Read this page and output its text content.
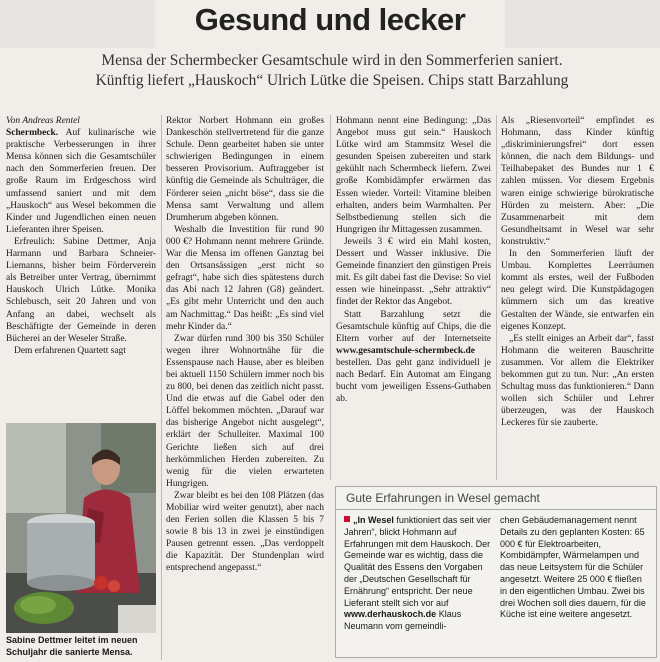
Gesund und lecker
Mensa der Schermbecker Gesamtschule wird in den Sommerferien saniert.
Künftig liefert „Hauskoch“ Ulrich Lütke die Speisen. Chips statt Barzahlung

Von Andreas Rentel

Schermbeck. Auf kulinarische wie praktische Verbesserungen in ihrer Mensa können sich die Gesamtschüler nach den Sommerferien freuen. Der große Raum im Erdgeschoss wird umfassend saniert und mit dem „Hauskoch“ aus Wesel bekommen die Kinder und Jugendlichen einen neuen Lieferanten ihrer Speisen.

Erfreulich: Sabine Dettmer, Anja Harmann und Barbara Schneier-Liemanns, bisher beim Förderverein als Betreiber unter Vertrag, übernimmt Hauskoch Ulrich Lütke. Monika Schlebusch, seit 20 Jahren und von Anfang an dabei, wechselt als Beschäftigte der Gemeinde in deren Bücherei an der Weseler Straße.

Dem erfahrenen Quartett sagt

Sabine Dettmer leitet im neuen Schuljahr die sanierte Mensa.

Rektor Norbert Hohmann ein großes Dankeschön stellvertretend für die ganze Schule. Denn gearbeitet haben sie unter schwierigen Bedingungen in einem besseren Provisorium. Auftraggeber ist künftig die Gemeinde als Schulträger, die Förderer seien „nicht böse“, dass sie die Mensa samt Verwaltung und allem Drumherum abgeben können.

Weshalb die Investition für rund 90 000 €? Hohmann nennt mehrere Gründe. War die Mensa im offenen Ganztag bei den Ortsansässigen „erst nicht so gefragt“, habe sich dies spätestens durch das Abi nach 12 Jahren (G8) geändert. „Es gibt mehr Unterricht und den auch am Nachmittag.“ Das heißt: „Es sind viel mehr Kinder da.“

Zwar dürfen rund 300 bis 350 Schüler wegen ihrer Wohnortnähe für die Essenspause nach Hause, aber es bleiben bei aktuell 1150 Schülern immer noch bis zu 800, bei denen das zeitlich nicht passt. Und die etwas auf die Gabel oder den Löffel bekommen möchten. „Darauf war das bisherige Angebot nicht ausgelegt“, erklärt der Schulleiter. Maximal 100 Gerichte ließen sich auf drei herkömmlichen Herden zubereiten. Zu wenig für die vielen erwarteten Hungrigen.

Zwar bleibt es bei den 108 Plätzen (das Mobiliar wird weiter genutzt), aber nach den Ferien sollen die Klassen 5 bis 7 sowie 8 bis 13 in zwei je einstündigen Pausen getrennt essen. „Das verdoppelt die Kapazität. Der Stundenplan wird entsprechend angepasst.“

Hohmann nennt eine Bedingung: „Das Angebot muss gut sein.“ Hauskoch Lütke wird am Stammsitz Wesel die gesunden Speisen zubereiten und stark gekühlt nach Schermbeck liefern. Zwei große Kombidämpfer erwärmen das Essen wieder. Vorteil: Vitamine bleiben erhalten, anders beim Warmhalten. Per Selbstbedienung stellen sich die Hungrigen ihr Mittagessen zusammen.

Jeweils 3 € wird ein Mahl kosten, Dessert und Wasser inklusive. Die Gemeinde finanziert den günstigen Preis mit. Es gilt dabei fast die Devise: So viel essen wie hineinpasst. „Sehr attraktiv“ findet der Rektor das Angebot.

Statt Barzahlung setzt die Gesamtschule künftig auf Chips, die die Eltern vorher auf der Internetseite www.gesamtschule-schermbeck.de bestellen. Das geht ganz individuell je nach Bedarf. Ein Automat am Eingang bucht vom jeweiligen Essens-Guthaben ab.

Als „Riesenvorteil“ empfindet es Hohmann, dass Kinder künftig „diskriminierungsfrei“ dort essen können, die nach dem Bildungs- und Teilhabepaket des Bundes nur 1 € zahlen müssen. Vor diesem Ergebnis waren einige schwierige bürokratische Hürden zu meistern. Aber: „Die Zusammenarbeit mit dem Gesundheitsamt in Wesel war sehr konstruktiv.“

In den Sommerferien läuft der Umbau. Komplettes Leerräumen kommt als erstes, weil der Fußboden neu gelegt wird. Die Kunstpädagogen kümmern sich um das kreative Gestalten der Wände, sie entwarfen ein eigenes Konzept.

„Es stellt einiges an Arbeit dar“, fasst Hohmann die weiteren Bauschritte zusammen. Vor allem die Elektriker bekommen gut zu tun. Nur: „An ersten Schultag muss das funktionieren.“ Dann wollen sich Schüler und Lehrer überzeugen, was der Hauskoch Leckeres für sie zauberte.

Gute Erfahrungen in Wesel gemacht

„In Wesel funktioniert das seit vier Jahren“, blickt Hohmann auf Erfahrungen mit dem Hauskoch. Der Gemeinde war es wichtig, dass die Qualität des Essens den Vorgaben der „Deutschen Gesellschaft für Ernährung“ entspricht. Der neue Lieferant stellt sich vor auf www.derhauskoch.de Klaus Neumann vom gemeindli-

chen Gebäudemanagement nennt Details zu den geplanten Kosten: 65 000 € für Elektroarbeiten, Kombidämpfer, Wärmelampen und das neue Leitsystem für die Schüler angesetzt. Weitere 25 000 € fließen in den eigentlichen Umbau. Zwei bis drei Wochen soll dies dauern, für die Küche ist eine weitere angesetzt.
